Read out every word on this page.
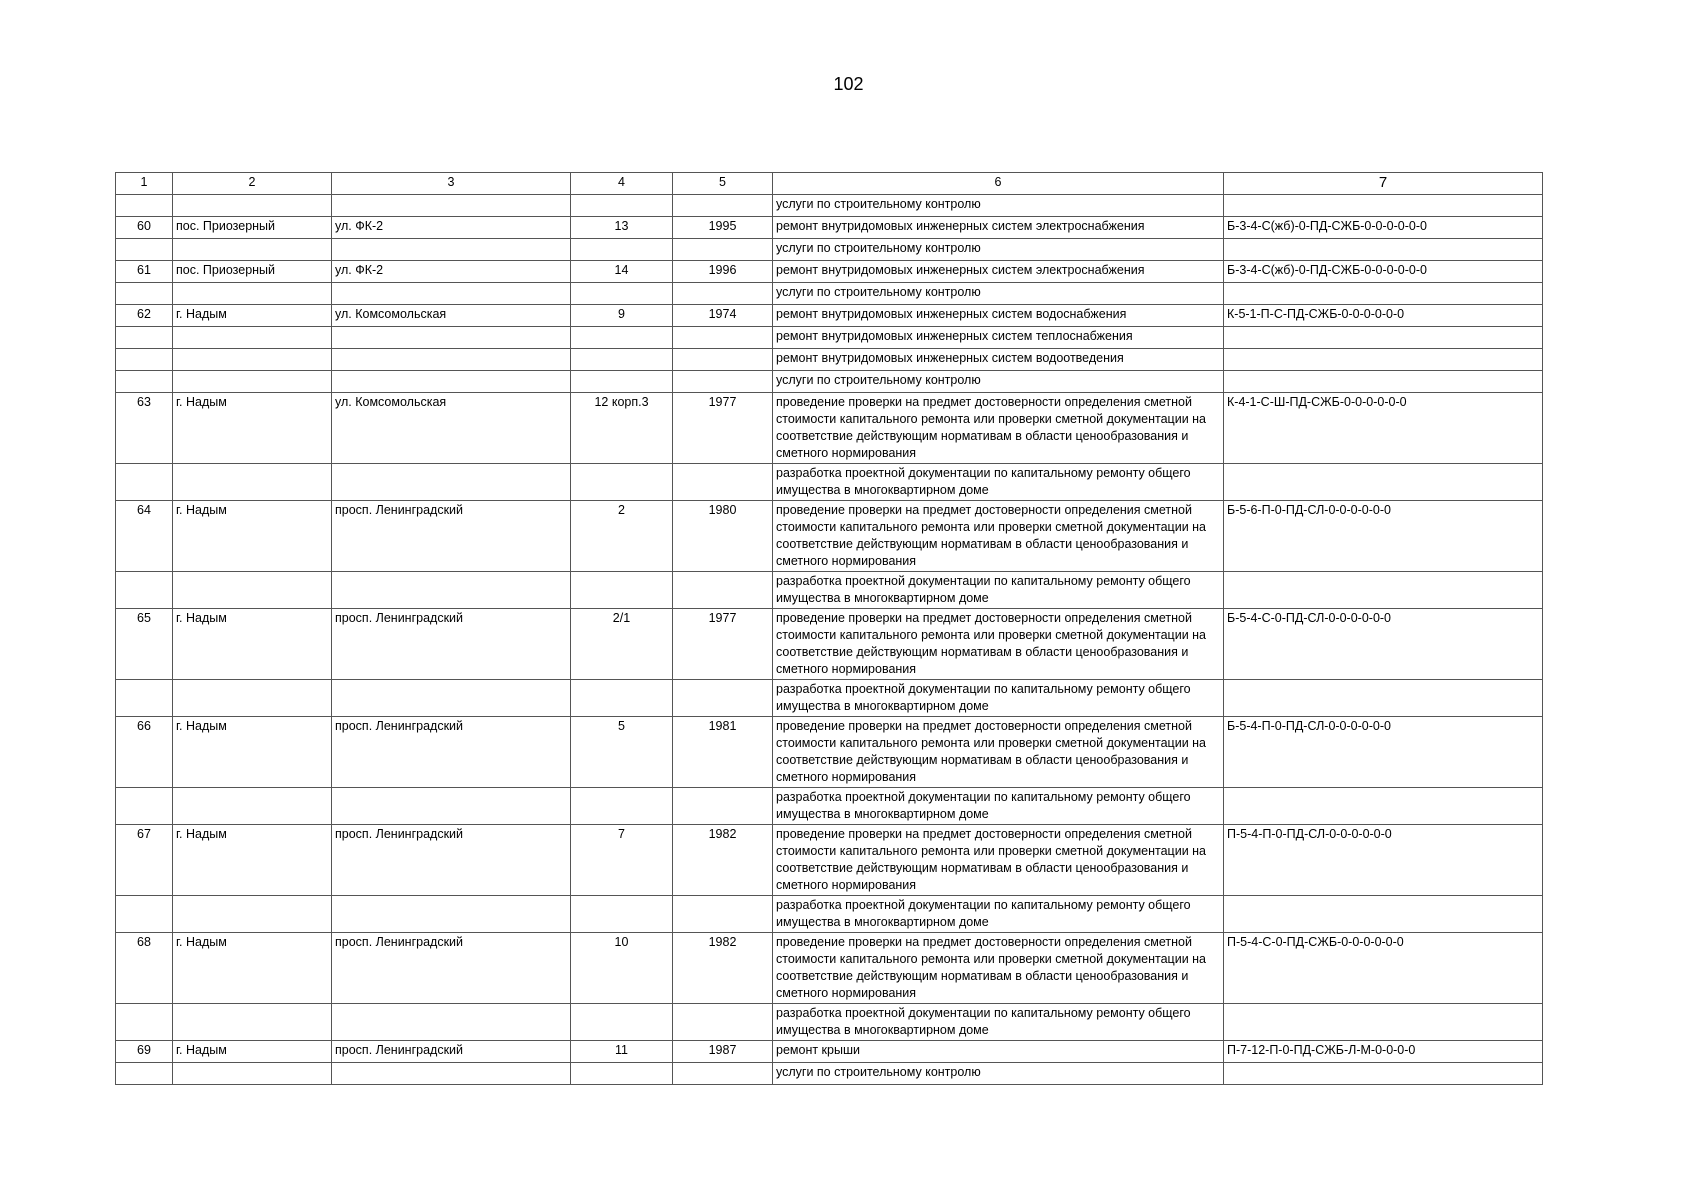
102
1	2	3	4	5	6	7
					услуги по строительному контролю	
60	пос. Приозерный	ул. ФК-2	13	1995	ремонт внутридомовых инженерных систем электроснабжения	Б-3-4-С(жб)-0-ПД-СЖБ-0-0-0-0-0-0
					услуги по строительному контролю	
61	пос. Приозерный	ул. ФК-2	14	1996	ремонт внутридомовых инженерных систем электроснабжения	Б-3-4-С(жб)-0-ПД-СЖБ-0-0-0-0-0-0
					услуги по строительному контролю	
62	г. Надым	ул. Комсомольская	9	1974	ремонт внутридомовых инженерных систем водоснабжения	К-5-1-П-С-ПД-СЖБ-0-0-0-0-0-0
					ремонт внутридомовых инженерных систем теплоснабжения	
					ремонт внутридомовых инженерных систем водоотведения	
					услуги по строительному контролю	
63	г. Надым	ул. Комсомольская	12 корп.3	1977	проведение проверки на предмет достоверности определения сметной стоимости капитального ремонта или проверки сметной документации на соответствие действующим нормативам в области ценообразования и сметного нормирования	К-4-1-С-Ш-ПД-СЖБ-0-0-0-0-0-0
					разработка проектной документации по капитальному ремонту общего имущества в многоквартирном доме	
64	г. Надым	просп. Ленинградский	2	1980	проведение проверки на предмет достоверности определения сметной стоимости капитального ремонта или проверки сметной документации на соответствие действующим нормативам в области ценообразования и сметного нормирования	Б-5-6-П-0-ПД-СЛ-0-0-0-0-0-0
					разработка проектной документации по капитальному ремонту общего имущества в многоквартирном доме	
65	г. Надым	просп. Ленинградский	2/1	1977	проведение проверки на предмет достоверности определения сметной стоимости капитального ремонта или проверки сметной документации на соответствие действующим нормативам в области ценообразования и сметного нормирования	Б-5-4-С-0-ПД-СЛ-0-0-0-0-0-0
					разработка проектной документации по капитальному ремонту общего имущества в многоквартирном доме	
66	г. Надым	просп. Ленинградский	5	1981	проведение проверки на предмет достоверности определения сметной стоимости капитального ремонта или проверки сметной документации на соответствие действующим нормативам в области ценообразования и сметного нормирования	Б-5-4-П-0-ПД-СЛ-0-0-0-0-0-0
					разработка проектной документации по капитальному ремонту общего имущества в многоквартирном доме	
67	г. Надым	просп. Ленинградский	7	1982	проведение проверки на предмет достоверности определения сметной стоимости капитального ремонта или проверки сметной документации на соответствие действующим нормативам в области ценообразования и сметного нормирования	П-5-4-П-0-ПД-СЛ-0-0-0-0-0-0
					разработка проектной документации по капитальному ремонту общего имущества в многоквартирном доме	
68	г. Надым	просп. Ленинградский	10	1982	проведение проверки на предмет достоверности определения сметной стоимости капитального ремонта или проверки сметной документации на соответствие действующим нормативам в области ценообразования и сметного нормирования	П-5-4-С-0-ПД-СЖБ-0-0-0-0-0-0
					разработка проектной документации по капитальному ремонту общего имущества в многоквартирном доме	
69	г. Надым	просп. Ленинградский	11	1987	ремонт крыши	П-7-12-П-0-ПД-СЖБ-Л-М-0-0-0-0
					услуги по строительному контролю	
